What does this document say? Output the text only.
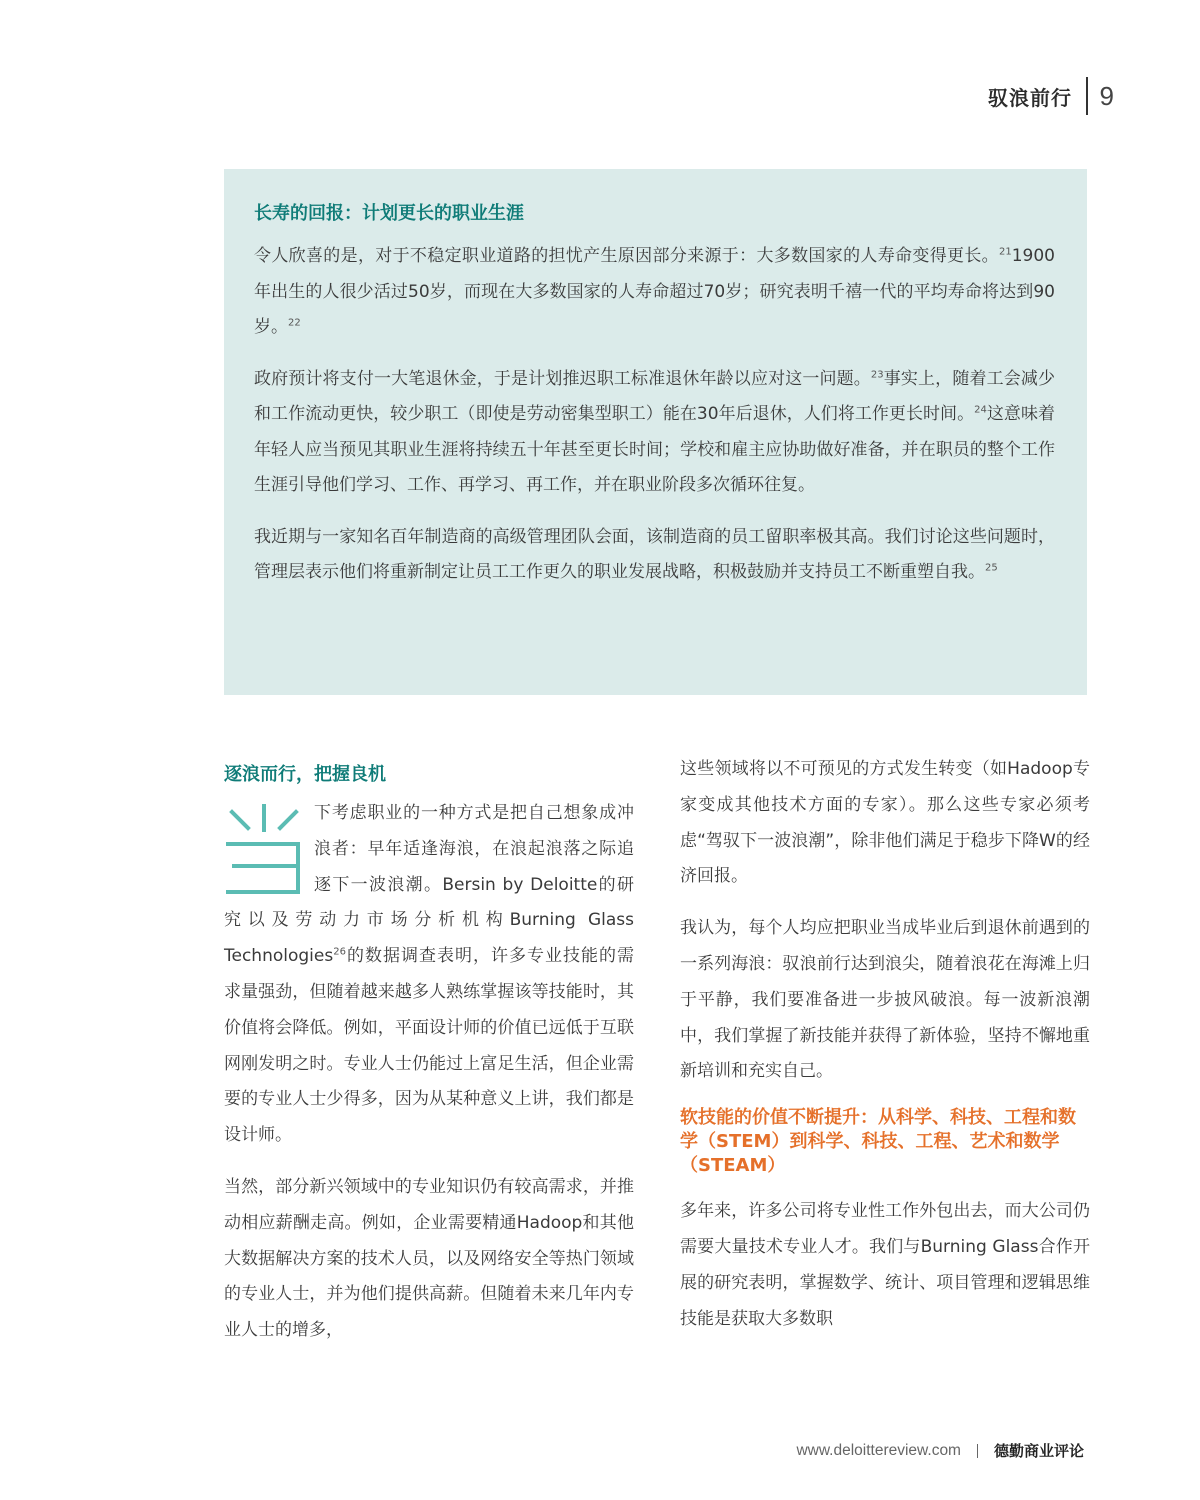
驭浪前行 9
长寿的回报：计划更长的职业生涯

令人欣喜的是，对于不稳定职业道路的担忧产生原因部分来源于：大多数国家的人寿命变得更长。$^{21}$1900年出生的人很少活过50岁，而现在大多数国家的人寿命超过70岁；研究表明千禧一代的平均寿命将达到90岁。$^{22}$

政府预计将支付一大笔退休金，于是计划推迟职工标准退休年龄以应对这一问题。$^{23}$事实上，随着工会减少和工作流动更快，较少职工（即使是劳动密集型职工）能在30年后退休，人们将工作更长时间。$^{24}$这意味着年轻人应当预见其职业生涯将持续五十年甚至更长时间；学校和雇主应协助做好准备，并在职员的整个工作生涯引导他们学习、工作、再学习、再工作，并在职业阶段多次循环往复。

我近期与一家知名百年制造商的高级管理团队会面，该制造商的员工留职率极其高。我们讨论这些问题时，管理层表示他们将重新制定让员工工作更久的职业发展战略，积极鼓励并支持员工不断重塑自我。$^{25}$

逐浪而行，把握良机

下考虑职业的一种方式是把自己想象成冲浪者：早年适逢海浪，在浪起浪落之际追逐下一波浪潮。Bersin by Deloitte的研究以及劳动力市场分析机构Burning Glass Technologies$^{26}$的数据调查表明，许多专业技能的需求量强劲，但随着越来越多人熟练掌握该等技能时，其价值将会降低。例如，平面设计师的价值已远低于互联网刚发明之时。专业人士仍能过上富足生活，但企业需要的专业人士少得多，因为从某种意义上讲，我们都是设计师。

当然，部分新兴领域中的专业知识仍有较高需求，并推动相应薪酬走高。例如，企业需要精通Hadoop和其他大数据解决方案的技术人员，以及网络安全等热门领域的专业人士，并为他们提供高薪。但随着未来几年内专业人士的增多，

这些领域将以不可预见的方式发生转变（如Hadoop专家变成其他技术方面的专家）。那么这些专家必须考虑“驾驭下一波浪潮”，除非他们满足于稳步下降W的经济回报。

我认为，每个人均应把职业当成毕业后到退休前遇到的一系列海浪：驭浪前行达到浪尖，随着浪花在海滩上归于平静，我们要准备进一步披风破浪。每一波新浪潮中，我们掌握了新技能并获得了新体验，坚持不懈地重新培训和充实自己。

软技能的价值不断提升：从科学、科技、工程和数学（STEM）到科学、科技、工程、艺术和数学（STEAM）

多年来，许多公司将专业性工作外包出去，而大公司仍需要大量技术专业人才。我们与Burning Glass合作开展的研究表明，掌握数学、统计、项目管理和逻辑思维技能是获取大多数职

www.deloittereview.com 德勤商业评论
